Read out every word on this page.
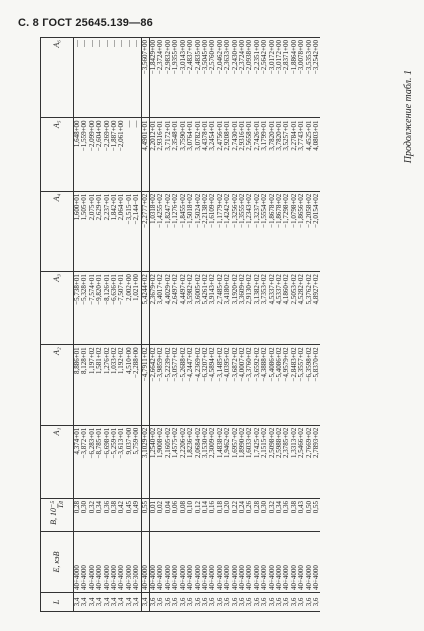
С. 8 ГОСТ 25645.139—86
L	E, кэВ	B, 10⁻⁵ Тл	A₁	A₂	A₃	A₄	A₅	A₆
3,4	40÷4000	0,28	4,374+01	8,886+01	−5,738+01	1,600+01	1,648+00	—
3,4	40÷4000	0,30	−3,872+01	8,128+01	−5,328+01	1,505+01	−1,559+00	—
3,4	40÷4000	0,32	−6,283+01	1,197+02	−7,574+01	2,075+01	−2,099+00	—
3,4	40÷4000	0,34	−8,785+01	1,581+02	−9,820+01	2,629+01	−2,604+00	—
3,4	40÷4000	0,36	−6,698+01	1,276+02	−8,126+01	2,237+01	−2,269+00	—
3,4	40÷4000	0,38	−5,259+01	1,033+02	−6,636+01	1,842+01	−1,887+00	—
3,4	40÷4000	0,42	−3,613+01	1,192+02	−7,507+01	2,064+01	−2,061+00	—
3,4	40÷3000	0,45	9,037+00	4,510+00	2,002+00	−3,515−01	—	—
3,4	40÷3000	0,49	5,759+00	−2,288+00	1,021+00	−2,144−01	—	—
3,4	40÷4000	0,55	3,1029+02	−4,7911+02	5,4244+02	−2,2777+02	4,4901+01	−3,5607+00
3,6	40÷4000	0,01	1,2540+02	−2,6642+02	2,3679+02	1,0318+02	2,2012+01	−1,8429+00
3,6	40÷4000	0,02	1,9008+02	−3,9859+02	3,4017+02	−1,4255+02	2,9316+01	−2,3724+00
3,6	40÷4000	0,04	2,1605+02	−5,2239+02	4,4029+02	−1,8247+02	3,7172+01	−2,9832+00
3,6	40÷4000	0,06	1,4575+02	−3,0577+02	2,6497+02	−1,1276+02	2,3548+01	−1,9355+00
3,6	40÷4000	0,08	2,2206+02	−5,2688+02	4,4497+02	−1,8455+02	3,7590+01	−3,0143+00
3,6	40÷4000	0,10	1,8236+02	−4,2447+02	3,5982+02	−1,5018+02	3,0764+01	−2,4837+00
3,6	40÷4000	0,12	2,0684+02	−4,2369+02	3,6005+02	−1,5024+02	3,0782+01	−2,4835+00
3,6	40÷4000	0,14	3,1530+02	−6,3207+02	5,4261+02	−2,2138+02	4,4378+01	−3,5045+00
3,6	40÷4000	0,16	2,3009+02	−4,5894+02	3,9143+02	−1,6109+02	3,2454+01	−2,5760+00
3,6	40÷4000	0,18	1,4838+02	−3,1485+02	2,7485+02	−1,1779+02	2,4756+01	−2,0462+00
3,6	40÷4000	0,20	1,9462+02	−4,0395+02	3,4180+02	−1,4242+02	2,9208+01	−2,3633+00
3,6	40÷4000	0,22	1,6957+02	−3,6872+02	3,1920+02	−1,3256+02	2,7430+01	−2,2430+00
3,6	40÷4000	0,24	1,8990+02	−4,0007+02	3,3609+02	−1,3555+02	2,9316+01	−2,3724+00
3,6	40÷4000	0,26	1,6033+02	−3,3760+02	2,9130+02	−1,2343+02	2,5658+01	−2,0938+00
3,6	40÷4000	0,28	1,7425+02	−3,6592+02	3,1382+02	−1,3237+02	2,7426+01	−2,2351+00
3,6	40÷4000	0,30	2,1515+02	−4,3888+02	3,7353+02	−1,5554+02	3,1799+01	−2,5642+00
3,6	40÷4000	0,32	2,5098+02	−5,4086+02	4,5337+02	−1,8678+02	3,7820+01	−3,0172+00
3,6	40÷4000	0,34	2,5988+02	−5,4086+02	4,5337+02	−1,8678+02	3,7820+01	−3,0172+00
3,6	40÷4000	0,36	2,3785+02	−4,9579+02	4,1860+02	−1,7298+02	3,5257+01	−2,8371+00
3,6	40÷4000	0,38	1,3313+02	−2,8483+02	2,5053+02	−1,0798+02	2,2784+01	−1,8864+00
3,6	40÷4000	0,43	2,5466+02	−5,3557+02	4,5282+02	−1,8656+02	3,7743+01	−3,0078+00
3,6	40÷4000	0,50	2,7669+02	−6,3598+02	5,3762+02	−2,2058+02	4,4525+01	−3,5353+00
3,6	40÷4000	0,55	2,7893+02	−5,8370+02	4,8927+02	−2,0154+02	4,0803+01	−3,2542+00
Продолжение табл. 1
